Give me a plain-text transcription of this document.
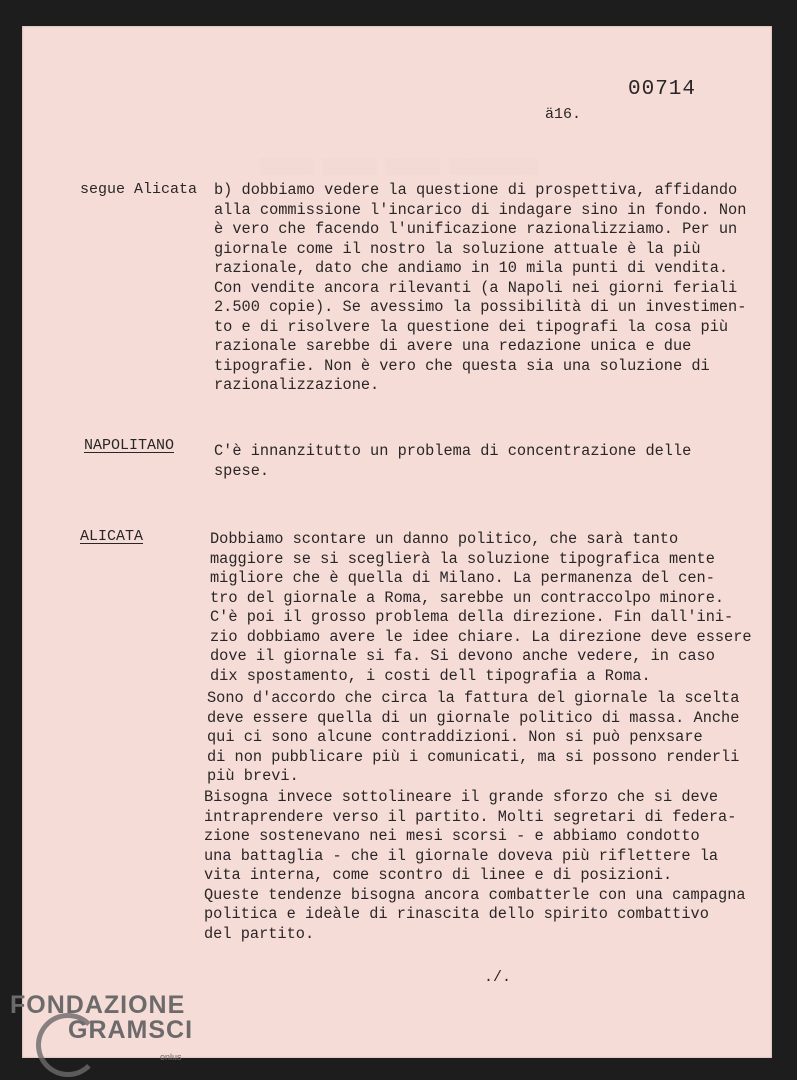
░░░░░░ ░░░░░░ ░░░░░░ ░░░░░░░░░░
00714
ä16.
segue Alicata b) dobbiamo vedere la questione di prospettiva, affidando
alla commissione l'incarico di indagare sino in fondo. Non
è vero che facendo l'unificazione razionalizziamo. Per un
giornale come il nostro la soluzione attuale è la più
razionale, dato che andiamo in 10 mila punti di vendita.
Con vendite ancora rilevanti (a Napoli nei giorni feriali
2.500 copie). Se avessimo la possibilità di un investimen-
to e di risolvere la questione dei tipografi la cosa più
razionale sarebbe di avere una redazione unica e due
tipografie. Non è vero che questa sia una soluzione di
razionalizzazione.
NAPOLITANO	C'è innanzitutto un problema di concentrazione delle
spese.
ALICATA	Dobbiamo scontare un danno politico, che sarà tanto
maggiore se si sceglierà la soluzione tipografica mente
migliore che è quella di Milano. La permanenza del cen-
tro del giornale a Roma, sarebbe un contraccolpo minore.
C'è poi il grosso problema della direzione. Fin dall'ini-
zio dobbiamo avere le idee chiare. La direzione deve essere
dove il giornale si fa. Si devono anche vedere, in caso
dix spostamento, i costi dell tipografia a Roma.
Sono d'accordo che circa la fattura del giornale la scelta
deve essere quella di un giornale politico di massa. Anche
qui ci sono alcune contraddizioni. Non si può penxsare
di non pubblicare più i comunicati, ma si possono renderli
più brevi.
Bisogna invece sottolineare il grande sforzo che si deve
intraprendere verso il partito. Molti segretari di federa-
zione sostenevano nei mesi scorsi - e abbiamo condotto
una battaglia - che il giornale doveva più riflettere la
vita interna, come scontro di linee e di posizioni.
Queste tendenze bisogna ancora combatterle con una campagna
politica e ideàle di rinascita dello spirito combattivo
del partito.
./.
FONDAZIONE
GRAMSCI
onlus
